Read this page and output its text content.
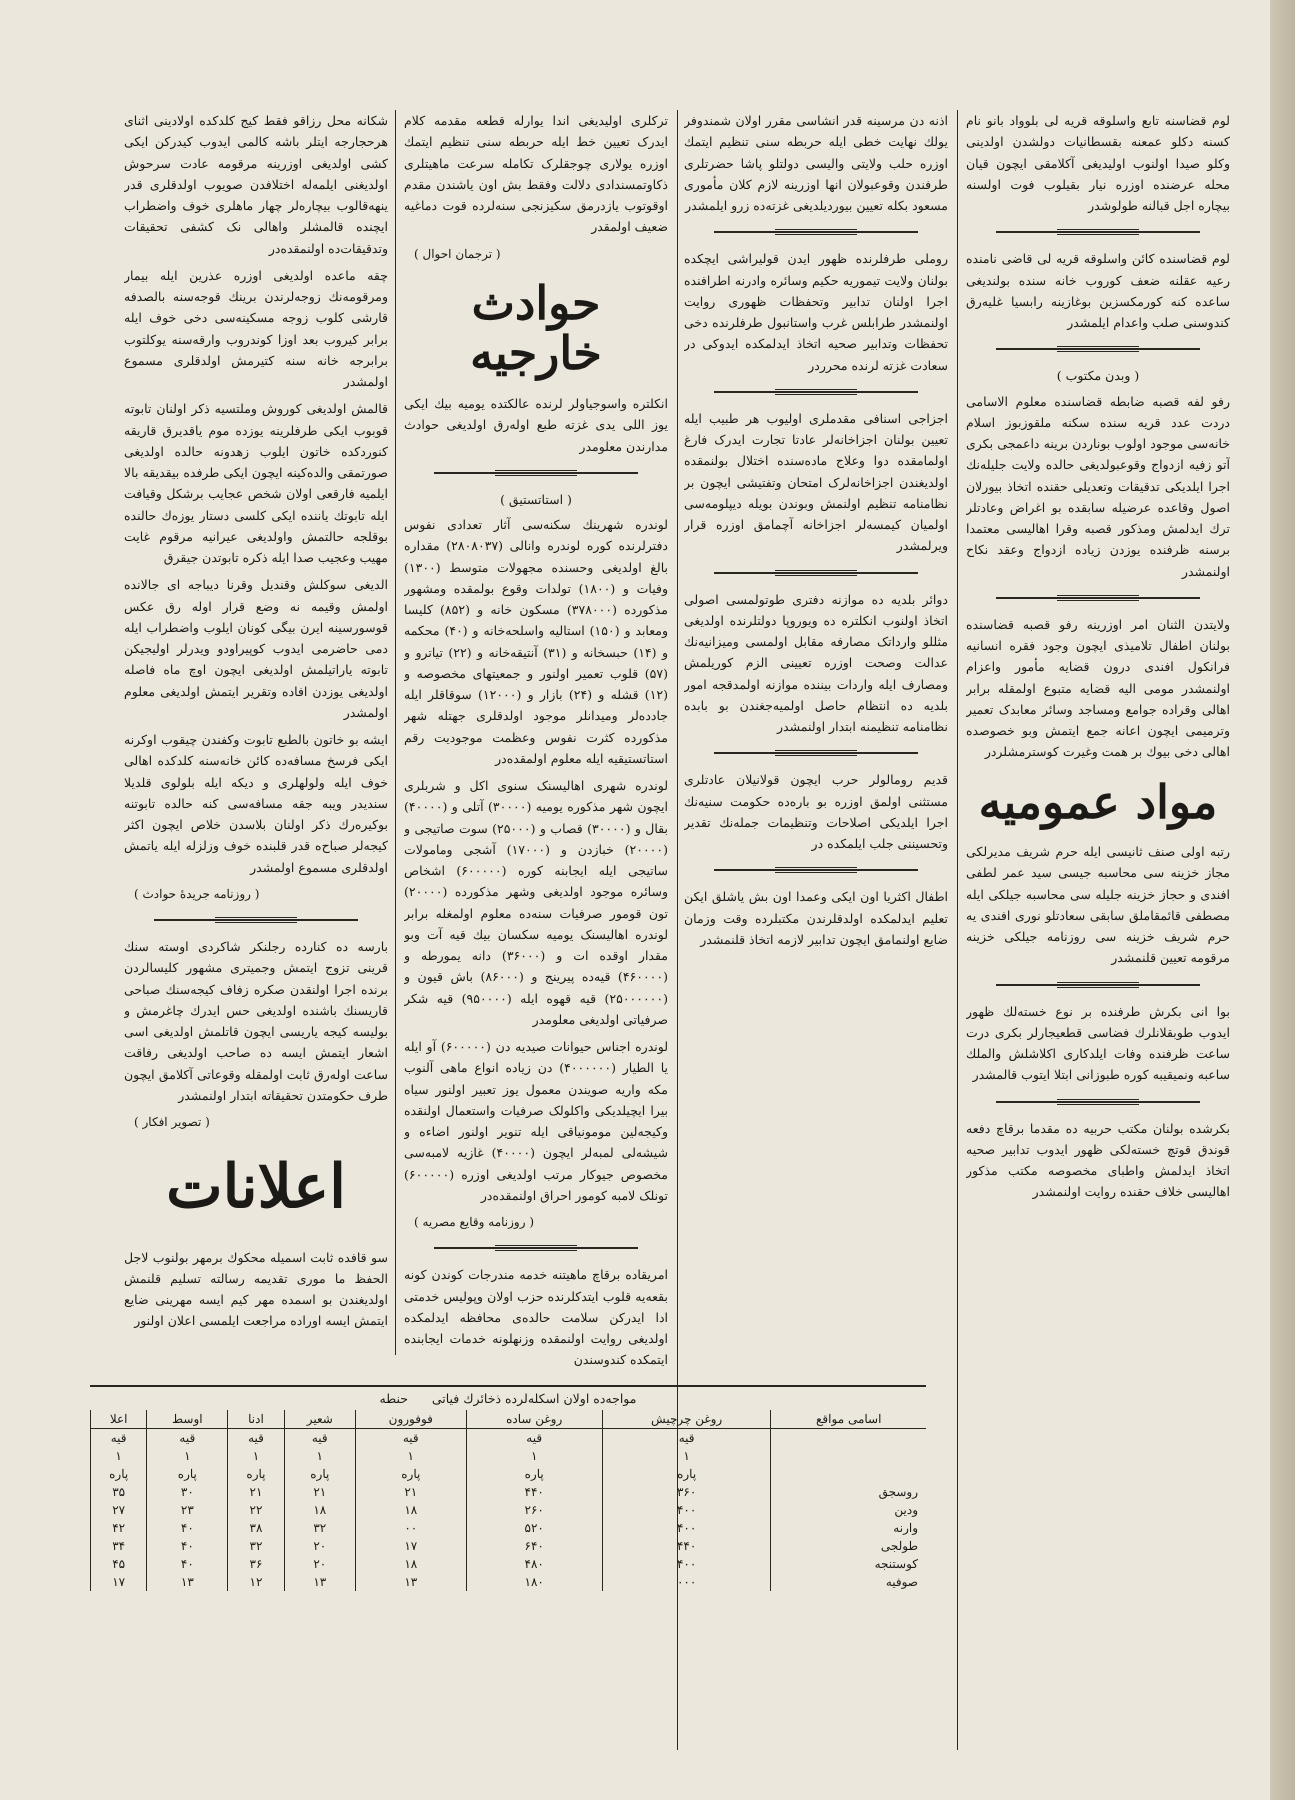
لوم قضاسنه تابع واسلوقه قریه لی بلوواد بانو نام کسنه دکلو عمعنه بقسطانیات دولشدن اولدینی وکلو صیدا اولنوب اولیدیغی آکلامقی ایچون قیان محله عرضنده اوزره نیار بقیلوب فوت اولسنه بیچاره اجل قبالنه طولوشدر

لوم قضاسنده کائن واسلوقه قریه لی قاضی نامنده رعیه عقلنه ضعف کوروب خانه سنده بولندیغی ساعده کنه کورمکسزین بوغازینه رابسیا غلیه‌رق کندوسنی صلب واعدام ایلمشدر

( وبدن مکتوب )

رفو لفه قصبه ضابطه قضاسنده معلوم الاسامی دردت عدد قریه سنده سکنه ملقوزبوز اسلام خانه‌سی موجود اولوب بوناردن برینه داعمجی بکری آتو زفیه ازدواج وقوعبولدیغی حالده ولایت جلیله‌نك اجرا ایلدیکی تدقیقات وتعدیلی حقنده اتخاذ بیورلان اصول وقاعده عرضیله سابقده بو اغراض وعادتلر ترك ایدلمش ومذکور قصبه وقرا اهالیسی معتمدا برسنه ظرفنده یوزدن زیاده ازدواج وعقد نکاح اولنمشدر

ولایتدن الثنان امر اوزرینه رفو قصبه قضاسنده بولنان اطفال تلامیذی ایچون وجود فقره انسانیه فرانکول افندی درون قضایه مأمور واعزام اولنمشدر مومی الیه قضایه متبوع اولمقله برابر اهالی وقراده جوامع ومساجد وسائر معابدک تعمیر وترمیمی ایچون اعانه جمع ایتمش وبو خصوصده اهالی دخی بیوك بر همت وغیرت کوسترمشلردر

مواد عمومیه

رتبه اولی صنف ثانیسی ایله حرم شریف مدیرلکی مجاز خزینه سی محاسبه جیسی سید عمر لطفی افندی و حجاز خزینه جلیله سی محاسبه جیلکی ایله مصطفی قائمقاملق سابقی سعادتلو نوری افندی یه حرم شریف خزینه سی روزنامه جیلکی خزینه مرقومه تعیین قلنمشدر

بوا انی بکرش طرفنده بر نوع خسته‌لك ظهور ایدوب طوبقلانلرك فضاسی قطعیجارلر بکری درت ساعت ظرفنده وفات ایلدکاری اکلاشلش والملك ساعبه ونمیقیبه کوره طبوزانی ابتلا ایتوب قالمشدر

بکرشده بولنان مکتب حربیه ده مقدما برقاچ دفعه قوندق قوتچ خسته‌لکی ظهور ایدوب تدابیر صحیه اتخاذ ایدلمش واطبای مخصوصه مکتب مذکور اهالیسی خلاف حقنده روایت اولنمشدر

اذنه دن مرسینه قدر انشاسی مقرر اولان شمندوفر یولك نهایت خطی ایله حربطه سنی تنظیم ایتمك اوزره حلب ولایتی والیسی دولتلو پاشا حضرتلری طرفندن وقوعبولان انها اوزرینه لازم کلان مأموری مسعود بکله تعیین بیوردیلدیغی غزته‌ده زرو ایلمشدر

روملی طرفلرنده ظهور ایدن قولیراشی ایچکده بولنان ولایت تیموریه حکیم وسائره وادرنه اطرافنده اجرا اولنان تدابیر وتحفظات ظهوری روایت اولنمشدر طرابلس غرب واستانبول طرفلرنده دخی تحفظات وتدابیر صحیه اتخاذ ایدلمکده ایدوکی در سعادت غزته لرنده محرردر

اجزاجی اسنافی مقدملری اولیوب هر طبیب ایله تعیین بولنان اجزاخانه‌لر عادتا تجارت ایدرک فارغ اولمامقده دوا وعلاج ماده‌سنده اختلال بولنمقده اولدیغندن اجزاخانه‌لرک امتحان وتفتیشی ایچون بر نظامنامه تنظیم اولنمش وبوندن بویله دیپلومه‌سی اولمیان کیمسه‌لر اجزاخانه آچمامق اوزره قرار ویرلمشدر

دوائر بلدیه ده موازنه دفتری طوتولمسی اصولی اتخاذ اولنوب انکلتره ده ویوروپا دولتلرنده اولدیغی مثللو وارداتک مصارفه مقابل اولمسی ومیزانیه‌نك عدالت وصحت اوزره تعیینی الزم کوریلمش ومصارف ایله واردات بیننده موازنه اولمدقجه امور بلدیه ده انتظام حاصل اولمیه‌جغندن بو بابده نظامنامه تنظیمنه ابتدار اولنمشدر

قدیم رومالولر حرب ایچون قولانیلان عادتلری مستثنی اولمق اوزره بو باره‌ده حکومت سنیه‌نك اجرا ایلدیکی اصلاحات وتنظیمات جمله‌نك تقدیر وتحسیننی جلب ایلمکده در

اطفال اکثریا اون ایکی وعمدا اون بش یاشلق ایکن تعلیم ایدلمکده اولدقلرندن مکتبلرده وقت وزمان ضایع اولنمامق ایچون تدابیر لازمه اتخاذ قلنمشدر

ترکلری اولیدیغی اندا یوارله قطعه مقدمه کلام ایدرک تعیین خط ایله حربطه سنی تنظیم ایتمك اوزره یولاری چوجقلرک تکامله سرعت ماهیتلری ذکاوتمسندادی دلالت وفقط بش اون یاشندن مقدم اوقوتوب یازدرمق سکیزنجی سنه‌لرده قوت دماغیه ضعیف اولمقدر

( ترجمان احوال )
حوادث خارجیه

انکلتره واسوجیاولر لرنده عالکتده یومیه بیك ایکی یوز اللی یدی غزته طبع اوله‌رق اولدیغی حوادث مدارندن معلومدر

( استاتستیق )

لوندره شهرینك سکنه‌سی آثار تعدادی نفوس دفترلرنده کوره لوندره وانالی (۲۸۰۸۰۳۷) مقداره بالغ اولدیغی وحسنده مجهولات متوسط (۱۳۰۰) وفیات و (۱۸۰۰) تولدات وقوع بولمقده ومشهور مذکورده (۳۷۸۰۰۰) مسکون خانه و (۸۵۲) کلیسا ومعابد و (۱۵۰) استالیه واسلحه‌خانه و (۴۰) محکمه و (۱۴) حبسخانه و (۳۱) آنتیقه‌خانه و (۲۲) تیاترو و (۵۷) قلوب تعمیر اولنور و جمعیتهای مخصوصه و (۱۲) قشله و (۲۴) بازار و (۱۲۰۰۰) سوقاقلر ایله جادده‌لر ومیدانلر موجود اولدقلری جهتله شهر مذکورده کثرت نفوس وعظمت موجودیت رقم استاتستیقیه ایله معلوم اولمقده‌در

لوندره شهری اهالیسنک سنوی اکل و شربلری ایچون شهر مذکوره یومیه (۳۰۰۰۰) آتلی و (۴۰۰۰۰) بقال و (۳۰۰۰۰) قصاب و (۲۵۰۰۰) سوت صاتیجی و (۲۰۰۰۰) خبازدن و (۱۷۰۰۰) آشجی ومامولات ساتیجی ایله ایجابنه کوره (۶۰۰۰۰۰) اشخاص وسائره موجود اولدیغی وشهر مذکورده (۲۰۰۰۰) تون قومور صرفیات سنه‌ده معلوم اولمغله برابر لوندره اهالیسنک یومیه سکسان بیك قیه آت وبو مقدار اوقده ات و (۳۶۰۰۰) دانه یمورطه و (۴۶۰۰۰۰) قیه‌ده پیرینج و (۸۶۰۰۰) باش قیون و (۲۵۰۰۰۰۰۰) قیه قهوه ایله (۹۵۰۰۰۰) قیه شکر صرفیاتی اولدیغی معلومدر

لوندره اجناس حیوانات صیدیه دن (۶۰۰۰۰۰) آو ایله یا الطیار (۴۰۰۰۰۰۰) دن زیاده انواع ماهی آلنوب مکه واریه صویندن معمول یوز تعبیر اولنور سیاه بیرا ایچیلدیکی واکلولک صرفیات واستعمال اولنقده وکیجه‌لین مومونیاقی ایله تنویر اولنور اضاءه و شیشه‌لی لمبه‌لر ایچون (۴۰۰۰۰) غازیه لامبه‌سی مخصوص جیوکار مرتب اولدیغی اوزره (۶۰۰۰۰۰) تونلک لامبه کومور احراق اولنمقده‌در

( روزنامه وقایع مصریه )

امریقاده برقاچ ماهیتنه خدمه مندرجات کوندن کونه بقعه‌یه قلوب ایتدکلرنده حزب اولان وپولیس خدمتی ادا ایدرکن سلامت حالده‌ی محافظه ایدلمکده اولدیغی روایت اولنمقده وزنهلونه خدمات ایجابنده ایتمکده کندوسندن

شکانه محل رزاقو فقط کیج کلدکده اولادینی اثنای هرحجارجه ایتلر باشه کالمی ایدوب کیدرکن ایکی کشی اولدیغی اوزرینه مرقومه عادت سرحوش اولدیغنی ایلمه‌له اختلافدن صویوب اولدقلری قدر ینهه‌قالوب بیچاره‌لر چهار ماهلری خوف واضطراب ایچنده قالمشلر واهالی نک کشفی تحقیقات وتدقیقات‌ده اولنمقده‌در

چقه ماعده اولدیغی اوزره عذرین ایله بیمار ومرقومه‌نك زوجه‌لرندن برینك قوجه‌سنه بالصدفه قارشی کلوب زوجه مسکینه‌سی دخی خوف ایله برابر کیروب بعد اوزا کوندروب وارقه‌سنه یوکلتوب برابرجه خانه سنه کتیرمش اولدقلری مسموع اولمشدر

قالمش اولدیغی کوروش وملتسیه ذکر اولنان تابوته قوبوب ایکی طرفلرینه یوزده موم یاقدیرق قاریقه کنوردکده خاتون ایلوب زهدونه حالده اولدیغی صورتمقی والده‌کینه ایچون ایکی طرفده بیقدیقه بالا ایلمیه فارقعی اولان شخص عجایب برشکل وقیافت ایله تابوتك ياننده ایکی کلسی دستار یوزه‌ك حالنده بوقلجه حالتمش واولدیغی عیرانیه مرقوم غایت مهیب وعجیب صدا ایله ذکره تابوتدن جیقرق

الدیغی سوکلش وقندیل وقرنا دیباجه ای جالانده اولمش وقیمه نه وضع قرار اوله رق عکس قوسورسینه ایرن بیگی کونان ایلوب واضطراب ایله دمی حاضرمی ایدوب کوپیراودو ویدرلر اولیجیکن تابوته یاراتیلمش اولدیغی ایچون اوچ ماه فاصله اولدیغی یوزدن افاده وتقریر ایتمش اولدیغی معلوم اولمشدر

ایشه بو خاتون بالطبع تابوت وکفندن چیقوب اوکرنه ایکی فرسخ مسافه‌ده کائن خانه‌سنه کلدکده اهالی خوف ایله ولولهلری و دیکه ایله بلولوی قلدیلا سندیدر ویبه جقه مسافه‌سی کنه حالده تابوتنه بوکیره‌رك ذکر اولنان بلاسدن خلاص ایچون اکثر کیجه‌لر صباح‌ه قدر قلبنده خوف وزلزله ایله یاتمش اولدقلری مسموع اولمشدر

( روزنامه جریدهٔ حوادث )

بارسه ده کنارده رجلنکر شاکردی اوسته سنك قرینی تزوج ایتمش وجمیتری مشهور کلیسالردن برنده اجرا اولنقدن صکره زفاف کیجه‌سنك صباحی قاریسنك باشنده اولدیغی حس ایدرك چاغرمش و بولیسه کیجه یاریسی ایچون قاتلمش اولدیغی اسی اشعار ایتمش ایسه ده صاحب اولدیغی رفاقت ساعت اوله‌رق ثابت اولمقله وقوعاتی آکلامق ایچون طرف حکومتدن تحقیقاته ابتدار اولنمشدر

( تصویر افکار )
اعلانات

سو قافده ثابت اسمیله محکوك برمهر بولنوب لاجل الحفظ ما موری تقدیمه رسالته تسلیم قلنمش اولدیغندن بو اسمده مهر کیم ایسه مهرینی ضایع ایتمش ایسه اوراده مراجعت ایلمسی اعلان اولنور

مواجه‌ده اولان اسکله‌لرده ذخائرك فیاتی      حنطه
اسامی مواقع	روغن چرچیش	روغن ساده	فوفورون	شعیر	ادنا	اوسط	اعلا
	قیه	قیه	قیه	قیه	قیه	قیه	قیه
	۱	۱	۱	۱	۱	۱	۱
	پاره	پاره	پاره	پاره	پاره	پاره	پاره
روسجق	۳۶۰	۴۴۰	۲۱	۲۱	۲۱	۳۰	۳۵
ودین	۴۰۰	۲۶۰	۱۸	۱۸	۲۲	۲۳	۲۷
وارنه	۴۰۰	۵۲۰	۰۰	۳۲	۳۸	۴۰	۴۲
طولجی	۴۴۰	۶۴۰	۱۷	۲۰	۳۲	۴۰	۳۴
کوستنجه	۴۰۰	۴۸۰	۱۸	۲۰	۳۶	۴۰	۴۵
صوفیه	۰۰۰	۱۸۰	۱۳	۱۳	۱۲	۱۳	۱۷
